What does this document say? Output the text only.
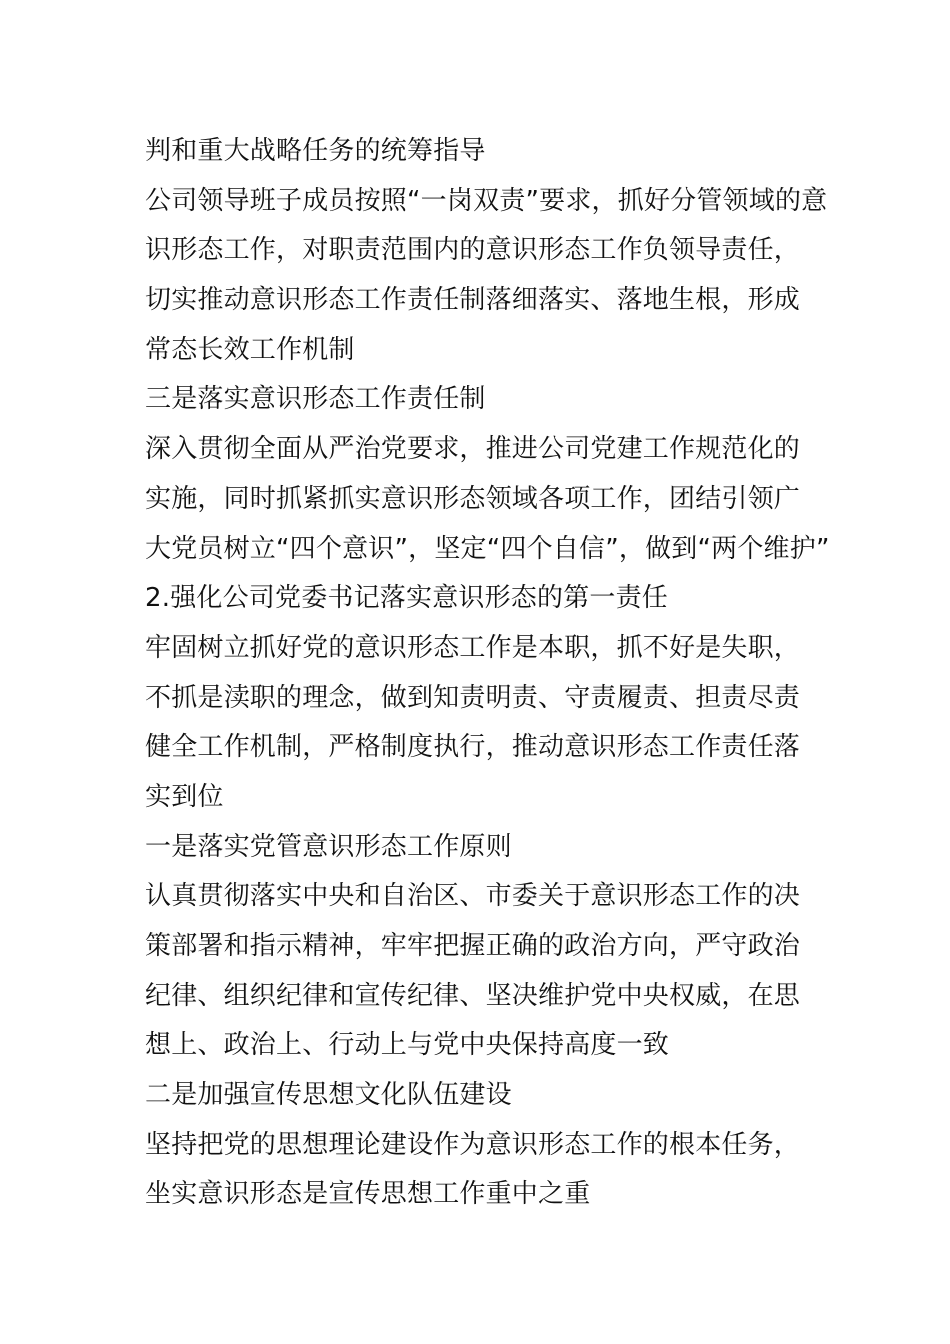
判和重大战略任务的统筹指导
公司领导班子成员按照“一岗双责”要求，抓好分管领域的意
识形态工作，对职责范围内的意识形态工作负领导责任，
切实推动意识形态工作责任制落细落实、落地生根，形成
常态长效工作机制
三是落实意识形态工作责任制
深入贯彻全面从严治党要求，推进公司党建工作规范化的
实施，同时抓紧抓实意识形态领域各项工作，团结引领广
大党员树立“四个意识”，坚定“四个自信”，做到“两个维护”
2.强化公司党委书记落实意识形态的第一责任
牢固树立抓好党的意识形态工作是本职，抓不好是失职，
不抓是渎职的理念，做到知责明责、守责履责、担责尽责
健全工作机制，严格制度执行，推动意识形态工作责任落
实到位
一是落实党管意识形态工作原则
认真贯彻落实中央和自治区、市委关于意识形态工作的决
策部署和指示精神，牢牢把握正确的政治方向，严守政治
纪律、组织纪律和宣传纪律、坚决维护党中央权威，在思
想上、政治上、行动上与党中央保持高度一致
二是加强宣传思想文化队伍建设
坚持把党的思想理论建设作为意识形态工作的根本任务，
坐实意识形态是宣传思想工作重中之重
